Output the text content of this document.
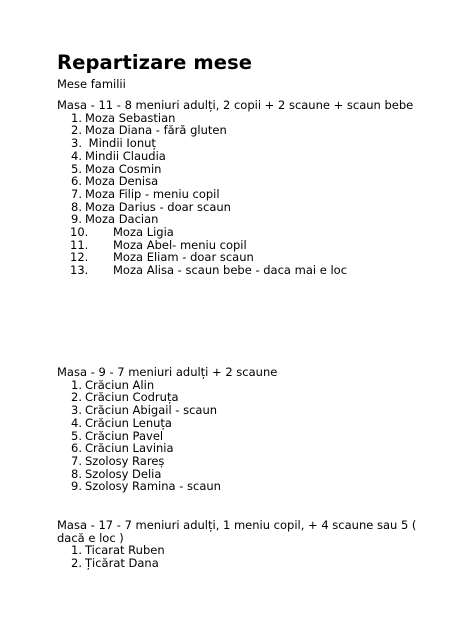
Repartizare mese
Mese familii

Masa - 11 - 8 meniuri adulți, 2 copii + 2 scaune + scaun bebe

1. Moza Sebastian
2. Moza Diana - fără gluten
3. Mindii Ionuț
4. Mindii Claudia
5. Moza Cosmin
6. Moza Denisa
7. Moza Filip - meniu copil
8. Moza Darius - doar scaun
9. Moza Dacian
10. Moza Ligia
11. Moza Abel- meniu copil
12. Moza Eliam - doar scaun
13. Moza Alisa - scaun bebe - daca mai e loc

Masa - 9 - 7 meniuri adulți + 2 scaune

1. Crăciun Alin
2. Crăciun Codruța
3. Crăciun Abigail - scaun
4. Crăciun Lenuța
5. Crăciun Pavel
6. Crăciun Lavinia
7. Szolosy Rareș
8. Szolosy Delia
9. Szolosy Ramina - scaun

Masa - 17 - 7 meniuri adulți, 1 meniu copil, + 4 scaune sau 5 ( dacă e loc )

1. Ticarat Ruben
2. Țicărat Dana
